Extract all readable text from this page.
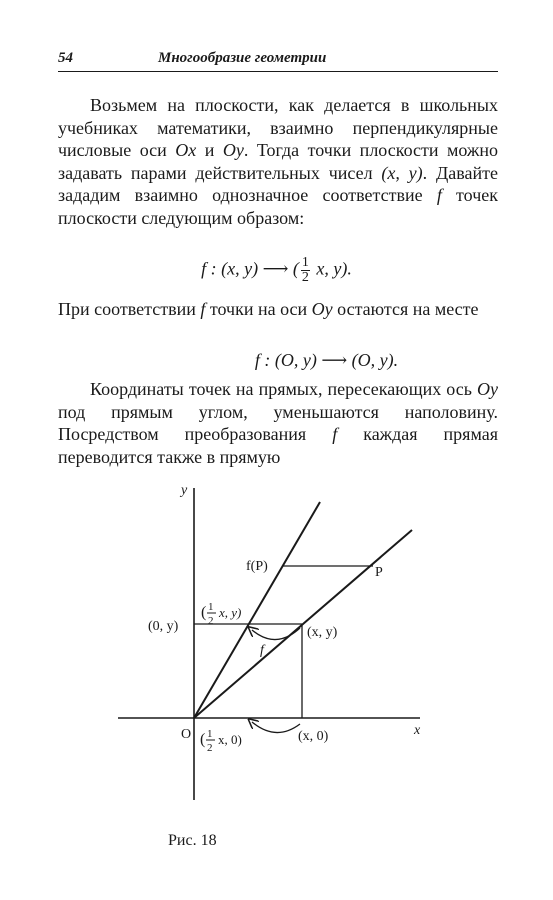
54	Многообразие геометрии
Возьмем на плоскости, как делается в школьных учебниках математики, взаимно перпендикулярные числовые оси Ox и Oy. Тогда точки плоскости можно задавать парами действительных чисел (x, y). Давайте зададим взаимно однозначное соответствие f точек плоскости следующим образом:
f : (x, y) ⟶ ( $\frac{1}{2} x$, y).
При соответствии f точки на оси Oy остаются на месте
f : (O, y) ⟶ (O, y).
Координаты точек на прямых, пересекающих ось Oy под прямым углом, уменьшаются наполовину. Посредством преобразования f каждая прямая переводится также в прямую
y
x
O
f(P)	P
(0, y)	(x, y)
f
( 1
2
x, y)
( 1
2
x, 0)	(x, 0)
Рис. 18
